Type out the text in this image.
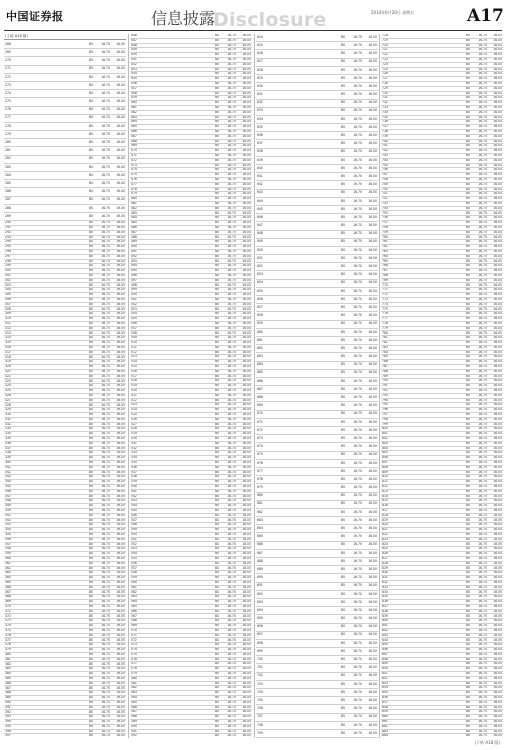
中国证券报	信息披露
Disclosure	2014年6月20日 星期五	A17
(上接 A16 版)
268	B0	16.70	16.00
269	B0	16.70	16.00
270	B0	16.70	16.00
271	B0	16.70	16.00
272	B0	16.70	16.00
273	B0	16.70	16.00
274	B0	16.70	16.00
275	B0	16.70	16.00
276	B0	16.70	16.00
277	B0	16.70	16.00
278	B0	16.70	16.00
279	B0	16.70	16.00
280	B0	16.70	16.00
281	B0	16.70	16.00
282	B0	16.70	16.00
283	B0	16.70	16.00
284	B0	16.70	16.00
285	B0	16.70	16.00
286	B0	16.70	16.00
287	B0	16.70	16.00
288	B0	16.70	16.00
289	B0	16.70	16.00
290	B0	16.75	16.05
291	B0	16.75	16.05
292	B0	16.75	16.05
293	B0	16.75	16.05
294	B0	16.75	16.05
295	B0	16.75	16.05
296	B0	16.75	16.05
297	B0	16.75	16.05
298	B0	16.75	16.05
299	B0	16.75	16.05
300	B0	16.75	16.05
301	B0	16.75	16.05
302	B0	16.75	16.05
303	B0	16.75	16.05
304	B0	16.75	16.05
305	B0	16.75	16.05
306	B0	16.75	16.05
307	B0	16.75	16.05
308	B0	16.75	16.05
309	B0	16.75	16.05
310	B0	16.75	16.05
311	B0	16.75	16.05
312	B0	16.75	16.05
313	B0	16.75	16.05
314	B0	16.75	16.05
315	B0	16.75	16.05
316	B0	16.75	16.05
317	B0	16.75	16.05
318	B0	16.75	16.05
319	B0	16.75	16.05
320	B0	16.75	16.05
321	B0	16.75	16.05
322	B0	16.75	16.05
323	B0	16.75	16.05
324	B0	16.75	16.05
325	B0	16.75	16.05
326	B0	16.75	16.05
327	B0	16.75	16.05
328	B0	16.75	16.05
329	B0	16.75	16.05
330	B0	16.75	16.05
331	B0	16.75	16.05
332	B0	16.75	16.05
333	B0	16.75	16.05
334	B0	16.75	16.05
335	B0	16.75	16.05
336	B0	16.75	16.05
337	B0	16.75	16.05
338	B0	16.75	16.05
339	B0	16.75	16.05
340	B0	16.75	16.05
341	B0	16.75	16.05
342	B0	16.75	16.05
343	B0	16.75	16.05
344	B0	16.75	16.05
345	B0	16.75	16.05
346	B0	16.75	16.05
347	B0	16.75	16.05
348	B0	16.75	16.05
349	B0	16.75	16.05
350	B0	16.75	16.05
351	B0	16.75	16.05
352	B0	16.75	16.05
353	B0	16.75	16.05
354	B0	16.75	16.05
355	B0	16.75	16.05
356	B0	16.75	16.05
357	B0	16.75	16.05
358	B0	16.75	16.05
359	B0	16.75	16.05
360	B0	16.75	16.05
361	B0	16.75	16.05
362	B0	16.75	16.05
363	B0	16.75	16.05
364	B0	16.75	16.05
365	B0	16.75	16.05
366	B0	16.75	16.05
367	B0	16.75	16.05
368	B0	16.75	16.05
369	B0	16.75	16.05
370	B0	16.75	16.05
371	B0	16.75	16.05
372	B0	16.75	16.05
373	B0	16.75	16.05
374	B0	16.75	16.05
375	B0	16.75	16.05
376	B0	16.75	16.05
377	B0	16.75	16.05
378	B0	16.75	16.05
379	B0	16.75	16.05
380	B0	16.75	16.05
381	B0	16.75	16.05
382	B0	16.75	16.05
383	B0	16.75	16.05
384	B0	16.75	16.05
385	B0	16.75	16.05
386	B0	16.75	16.05
387	B0	16.75	16.05
388	B0	16.75	16.05
389	B0	16.75	16.05
390	B0	16.75	16.05
391	B0	16.75	16.05
392	B0	16.75	16.05
393	B0	16.75	16.05
394	B0	16.75	16.05
395	B0	16.75	16.05
396	B0	16.75	16.05
397	B0	16.75	16.05
446	B0	16.75	16.05
447	B0	16.75	16.05
448	B0	16.75	16.05
449	B0	16.75	16.05
450	B0	16.75	16.05
451	B0	16.75	16.05
452	B0	16.75	16.05
453	B0	16.75	16.05
454	B0	16.75	16.05
455	B0	16.75	16.05
456	B0	16.75	16.05
457	B0	16.75	16.05
458	B0	16.75	16.05
459	B0	16.75	16.05
460	B0	16.75	16.05
461	B0	16.75	16.05
462	B0	16.75	16.05
463	B0	16.75	16.05
464	B0	16.75	16.05
465	B0	16.75	16.05
466	B0	16.75	16.05
467	B0	16.75	16.05
468	B0	16.75	16.05
469	B0	16.75	16.05
470	B0	16.75	16.05
471	B0	16.75	16.05
472	B0	16.75	16.05
473	B0	16.75	16.05
474	B0	16.75	16.05
475	B0	16.75	16.05
476	B0	16.75	16.05
477	B0	16.75	16.05
478	B0	16.75	16.05
479	B0	16.75	16.05
480	B0	16.75	16.05
481	B0	16.75	16.05
482	B0	16.75	16.05
483	B0	16.75	16.05
484	B0	16.75	16.05
485	B0	16.75	16.05
486	B0	16.75	16.05
487	B0	16.75	16.05
488	B0	16.75	16.05
489	B0	16.75	16.05
490	B0	16.75	16.05
491	B0	16.75	16.05
492	B0	16.75	16.05
493	B0	16.75	16.05
494	B0	16.75	16.05
495	B0	16.75	16.05
496	B0	16.75	16.05
497	B0	16.75	16.05
498	B0	16.75	16.05
499	B0	16.75	16.05
500	B0	16.75	16.05
501	B0	16.75	16.05
502	B0	16.75	16.05
503	B0	16.75	16.05
504	B0	16.75	16.05
505	B0	16.75	16.05
506	B0	16.75	16.05
507	B0	16.75	16.05
508	B0	16.75	16.05
509	B0	16.75	16.05
510	B0	16.75	16.05
511	B0	16.75	16.05
512	B0	16.75	16.05
513	B0	16.75	16.05
514	B0	16.75	16.05
515	B0	16.75	16.05
516	B0	16.75	16.05
517	B0	16.75	16.05
518	B0	16.75	16.05
519	B0	16.75	16.05
520	B0	16.75	16.05
521	B0	16.75	16.05
522	B0	16.75	16.05
523	B0	16.75	16.05
524	B0	16.75	16.05
525	B0	16.75	16.05
526	B0	16.75	16.05
527	B0	16.75	16.05
528	B0	16.75	16.05
529	B0	16.75	16.05
530	B0	16.75	16.05
531	B0	16.75	16.05
532	B0	16.75	16.05
533	B0	16.75	16.05
534	B0	16.75	16.05
535	B0	16.75	16.05
536	B0	16.75	16.05
537	B0	16.75	16.05
538	B0	16.75	16.05
539	B0	16.75	16.05
540	B0	16.75	16.05
541	B0	16.75	16.05
542	B0	16.75	16.05
543	B0	16.75	16.05
544	B0	16.75	16.05
545	B0	16.75	16.05
546	B0	16.75	16.05
547	B0	16.75	16.05
548	B0	16.75	16.05
549	B0	16.75	16.05
550	B0	16.75	16.05
551	B0	16.75	16.05
552	B0	16.75	16.05
553	B0	16.75	16.05
554	B0	16.75	16.05
555	B0	16.75	16.05
556	B0	16.75	16.05
557	B0	16.75	16.05
558	B0	16.75	16.05
559	B0	16.75	16.05
560	B0	16.75	16.05
561	B0	16.75	16.05
562	B0	16.75	16.05
563	B0	16.75	16.05
564	B0	16.75	16.05
565	B0	16.75	16.05
566	B0	16.75	16.05
567	B0	16.75	16.05
568	B0	16.75	16.05
569	B0	16.75	16.05
570	B0	16.75	16.05
571	B0	16.75	16.05
572	B0	16.75	16.05
573	B0	16.75	16.05
574	B0	16.75	16.05
575	B0	16.75	16.05
576	B0	16.75	16.05
577	B0	16.75	16.05
578	B0	16.75	16.05
579	B0	16.75	16.05
580	B0	16.75	16.05
581	B0	16.75	16.05
582	B0	16.75	16.05
583	B0	16.75	16.05
584	B0	16.75	16.05
585	B0	16.75	16.05
586	B0	16.75	16.05
587	B0	16.75	16.05
588	B0	16.75	16.05
589	B0	16.75	16.05
590	B0	16.75	16.05
591	B0	16.75	16.05
592	B0	16.75	16.05
624	B0	16.70	16.00
625	B0	16.70	16.00
626	B0	16.70	16.00
627	B0	16.70	16.00
628	B0	16.70	16.00
629	B0	16.70	16.00
630	B0	16.70	16.00
631	B0	16.70	16.00
632	B0	16.70	16.00
633	B0	16.70	16.00
634	B0	16.70	16.00
635	B0	16.70	16.00
636	B0	16.70	16.00
637	B0	16.70	16.00
638	B0	16.70	16.00
639	B0	16.70	16.00
640	B0	16.70	16.00
641	B0	16.70	16.00
642	B0	16.70	16.00
643	B0	16.70	16.00
644	B0	16.70	16.00
645	B0	16.70	16.00
646	B0	16.70	16.00
647	B0	16.70	16.00
648	B0	16.70	16.00
649	B0	16.70	16.00
650	B0	16.70	16.00
651	B0	16.70	16.00
652	B0	16.70	16.00
653	B0	16.70	16.00
654	B0	16.70	16.00
655	B0	16.70	16.00
656	B0	16.70	16.00
657	B0	16.70	16.00
658	B0	16.70	16.00
659	B0	16.70	16.00
660	B0	16.70	16.00
661	B0	16.70	16.00
662	B0	16.70	16.00
663	B0	16.70	16.00
664	B0	16.70	16.00
665	B0	16.70	16.00
666	B0	16.70	16.00
667	B0	16.70	16.00
668	B0	16.70	16.00
669	B0	16.70	16.00
670	B0	16.70	16.00
671	B0	16.70	16.00
672	B0	16.70	16.00
673	B0	16.70	16.00
674	B0	16.70	16.00
675	B0	16.70	16.00
676	B0	16.70	16.00
677	B0	16.70	16.00
678	B0	16.70	16.00
679	B0	16.70	16.00
680	B0	16.70	16.00
681	B0	16.70	16.00
682	B0	16.70	16.00
683	B0	16.70	16.00
684	B0	16.70	16.00
685	B0	16.70	16.00
686	B0	16.70	16.00
687	B0	16.70	16.00
688	B0	16.70	16.00
689	B0	16.70	16.00
690	B0	16.70	16.00
691	B0	16.70	16.00
692	B0	16.70	16.00
693	B0	16.70	16.00
694	B0	16.70	16.00
695	B0	16.70	16.00
696	B0	16.70	16.00
697	B0	16.70	16.00
698	B0	16.70	16.00
699	B0	16.70	16.00
700	B0	16.70	16.00
701	B0	16.70	16.00
702	B0	16.70	16.00
703	B0	16.70	16.00
704	B0	16.70	16.00
705	B0	16.70	16.00
706	B0	16.70	16.00
707	B0	16.70	16.00
708	B0	16.70	16.00
709	B0	16.70	16.00
718	B0	16.75	16.05
719	B0	16.75	16.05
720	B0	16.75	16.05
721	B0	16.75	16.05
722	B0	16.75	16.05
723	B0	16.75	16.05
724	B0	16.75	16.05
725	B0	16.75	16.05
726	B0	16.75	16.05
727	B0	16.75	16.05
728	B0	16.75	16.05
729	B0	16.75	16.05
730	B0	16.75	16.05
731	B0	16.75	16.05
732	B0	16.75	16.05
733	B0	16.75	16.05
734	B0	16.75	16.05
735	B0	16.75	16.05
736	B0	16.75	16.05
737	B0	16.75	16.05
738	B0	16.75	16.05
739	B0	16.75	16.05
740	B0	16.75	16.05
741	B0	16.75	16.05
742	B0	16.75	16.05
743	B0	16.75	16.05
744	B0	16.75	16.05
745	B0	16.75	16.05
746	B0	16.75	16.05
747	B0	16.75	16.05
748	B0	16.75	16.05
749	B0	16.75	16.05
750	B0	16.75	16.05
751	B0	16.75	16.05
752	B0	16.75	16.05
753	B0	16.75	16.05
754	B0	16.75	16.05
755	B0	16.75	16.05
756	B0	16.75	16.05
757	B0	16.75	16.05
758	B0	16.75	16.05
759	B0	16.75	16.05
760	B0	16.75	16.05
761	B0	16.75	16.05
762	B0	16.75	16.05
763	B0	16.75	16.05
764	B0	16.75	16.05
765	B0	16.75	16.05
766	B0	16.75	16.05
767	B0	16.75	16.05
768	B0	16.75	16.05
769	B0	16.75	16.05
770	B0	16.75	16.05
771	B0	16.75	16.05
772	B0	16.75	16.05
773	B0	16.75	16.05
774	B0	16.75	16.05
775	B0	16.75	16.05
776	B0	16.75	16.05
777	B0	16.75	16.05
778	B0	16.75	16.05
779	B0	16.75	16.05
780	B0	16.75	16.05
781	B0	16.75	16.05
782	B0	16.75	16.05
783	B0	16.75	16.05
784	B0	16.75	16.05
785	B0	16.75	16.05
786	B0	16.75	16.05
787	B0	16.75	16.05
788	B0	16.75	16.05
789	B0	16.75	16.05
790	B0	16.75	16.05
791	B0	16.75	16.05
792	B0	16.75	16.05
793	B0	16.75	16.05
794	B0	16.75	16.05
795	B0	16.75	16.05
796	B0	16.75	16.05
797	B0	16.75	16.05
798	B0	16.75	16.05
799	B0	16.75	16.05
800	B0	16.75	16.05
801	B0	16.75	16.05
802	B0	16.75	16.05
803	B0	16.75	16.05
804	B0	16.75	16.05
805	B0	16.75	16.05
806	B0	16.75	16.05
807	B0	16.75	16.05
808	B0	16.75	16.05
809	B0	16.75	16.05
810	B0	16.75	16.05
811	B0	16.75	16.05
812	B0	16.75	16.05
813	B0	16.75	16.05
814	B0	16.75	16.05
815	B0	16.75	16.05
816	B0	16.75	16.05
817	B0	16.75	16.05
818	B0	16.75	16.05
819	B0	16.75	16.05
820	B0	16.75	16.05
821	B0	16.75	16.05
822	B0	16.75	16.05
823	B0	16.75	16.05
824	B0	16.75	16.05
825	B0	16.75	16.05
826	B0	16.75	16.05
827	B0	16.75	16.05
828	B0	16.75	16.05
829	B0	16.75	16.05
830	B0	16.75	16.05
831	B0	16.75	16.05
832	B0	16.75	16.05
833	B0	16.75	16.05
834	B0	16.75	16.05
835	B0	16.75	16.05
836	B0	16.75	16.05
837	B0	16.75	16.05
838	B0	16.75	16.05
839	B0	16.75	16.05
840	B0	16.75	16.05
841	B0	16.75	16.05
842	B0	16.75	16.05
843	B0	16.75	16.05
844	B0	16.75	16.05
845	B0	16.75	16.05
846	B0	16.75	16.05
847	B0	16.75	16.05
848	B0	16.75	16.05
849	B0	16.75	16.05
850	B0	16.75	16.05
851	B0	16.75	16.05
852	B0	16.75	16.05
853	B0	16.75	16.05
854	B0	16.75	16.05
855	B0	16.75	16.05
856	B0	16.75	16.05
857	B0	16.75	16.05
858	B0	16.75	16.05
859	B0	16.75	16.05
860	B0	16.75	16.05
861	B0	16.75	16.05
862	B0	16.75	16.05
863	B0	16.75	16.05
864	B0	16.75	16.05
(下转 A18 版)
